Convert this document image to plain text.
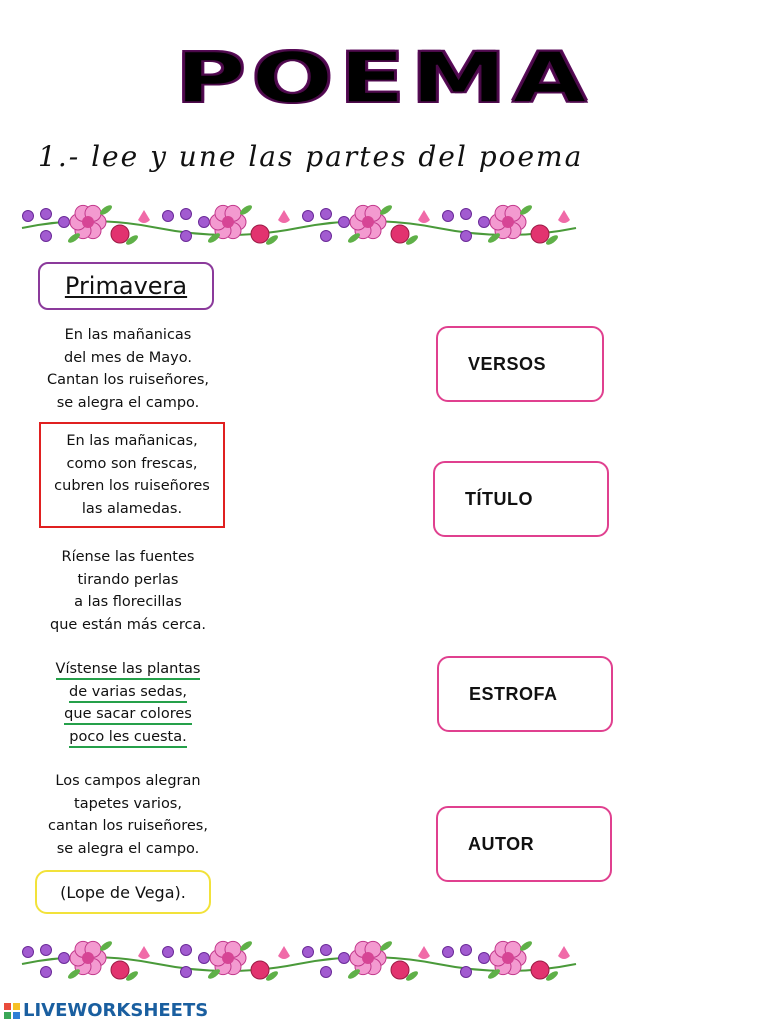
POEMA
1.- lee y une las partes del poema
Primavera
En las mañanicas
del mes de Mayo.
Cantan los ruiseñores,
se alegra el campo.
En las mañanicas,
como son frescas,
cubren los ruiseñores
las alamedas.
Ríense las fuentes
tirando perlas
a las florecillas
que están más cerca.
Vístense las plantas
de varias sedas,
que sacar colores
poco les cuesta.
Los campos alegran
tapetes varios,
cantan los ruiseñores,
se alegra el campo.
(Lope de Vega).
VERSOS
TÍTULO
ESTROFA
AUTOR
LIVEWORKSHEETS
